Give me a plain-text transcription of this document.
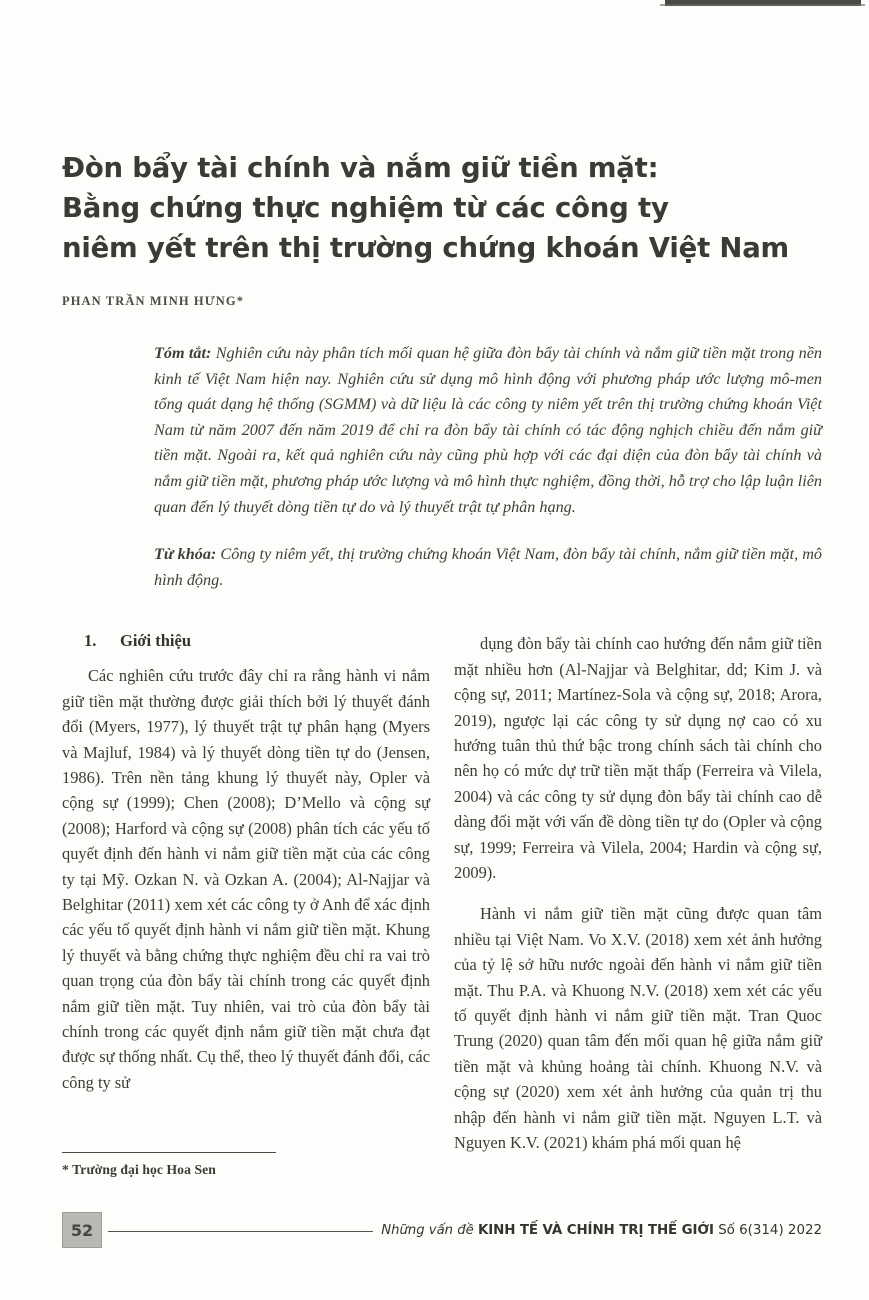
Đòn bẩy tài chính và nắm giữ tiền mặt:
Bằng chứng thực nghiệm từ các công ty
niêm yết trên thị trường chứng khoán Việt Nam
PHAN TRẦN MINH HƯNG*

Tóm tắt: Nghiên cứu này phân tích mối quan hệ giữa đòn bẩy tài chính và nắm giữ tiền mặt trong nền kinh tế Việt Nam hiện nay. Nghiên cứu sử dụng mô hình động với phương pháp ước lượng mô-men tổng quát dạng hệ thống (SGMM) và dữ liệu là các công ty niêm yết trên thị trường chứng khoán Việt Nam từ năm 2007 đến năm 2019 để chỉ ra đòn bẩy tài chính có tác động nghịch chiều đến nắm giữ tiền mặt. Ngoài ra, kết quả nghiên cứu này cũng phù hợp với các đại diện của đòn bẩy tài chính và nắm giữ tiền mặt, phương pháp ước lượng và mô hình thực nghiệm, đồng thời, hỗ trợ cho lập luận liên quan đến lý thuyết dòng tiền tự do và lý thuyết trật tự phân hạng.

Từ khóa: Công ty niêm yết, thị trường chứng khoán Việt Nam, đòn bẩy tài chính, nắm giữ tiền mặt, mô hình động.

1. Giới thiệu

Các nghiên cứu trước đây chỉ ra rằng hành vi nắm giữ tiền mặt thường được giải thích bởi lý thuyết đánh đổi (Myers, 1977), lý thuyết trật tự phân hạng (Myers và Majluf, 1984) và lý thuyết dòng tiền tự do (Jensen, 1986). Trên nền tảng khung lý thuyết này, Opler và cộng sự (1999); Chen (2008); D’Mello và cộng sự (2008); Harford và cộng sự (2008) phân tích các yếu tố quyết định đến hành vi nắm giữ tiền mặt của các công ty tại Mỹ. Ozkan N. và Ozkan A. (2004); Al-Najjar và Belghitar (2011) xem xét các công ty ở Anh để xác định các yếu tố quyết định hành vi nắm giữ tiền mặt. Khung lý thuyết và bằng chứng thực nghiệm đều chỉ ra vai trò quan trọng của đòn bẩy tài chính trong các quyết định nắm giữ tiền mặt. Tuy nhiên, vai trò của đòn bẩy tài chính trong các quyết định nắm giữ tiền mặt chưa đạt được sự thống nhất. Cụ thể, theo lý thuyết đánh đổi, các công ty sử

dụng đòn bẩy tài chính cao hướng đến nắm giữ tiền mặt nhiều hơn (Al-Najjar và Belghitar, dd; Kim J. và cộng sự, 2011; Martínez-Sola và cộng sự, 2018; Arora, 2019), ngược lại các công ty sử dụng nợ cao có xu hướng tuân thủ thứ bậc trong chính sách tài chính cho nên họ có mức dự trữ tiền mặt thấp (Ferreira và Vilela, 2004) và các công ty sử dụng đòn bẩy tài chính cao dễ dàng đối mặt với vấn đề dòng tiền tự do (Opler và cộng sự, 1999; Ferreira và Vilela, 2004; Hardin và cộng sự, 2009).

Hành vi nắm giữ tiền mặt cũng được quan tâm nhiều tại Việt Nam. Vo X.V. (2018) xem xét ảnh hưởng của tỷ lệ sở hữu nước ngoài đến hành vi nắm giữ tiền mặt. Thu P.A. và Khuong N.V. (2018) xem xét các yếu tố quyết định hành vi nắm giữ tiền mặt. Tran Quoc Trung (2020) quan tâm đến mối quan hệ giữa nắm giữ tiền mặt và khủng hoảng tài chính. Khuong N.V. và cộng sự (2020) xem xét ảnh hưởng của quản trị thu nhập đến hành vi nắm giữ tiền mặt. Nguyen L.T. và Nguyen K.V. (2021) khám phá mối quan hệ

* Trường đại học Hoa Sen
52	Những vấn đề KINH TẾ VÀ CHÍNH TRỊ THẾ GIỚI Số 6(314) 2022
